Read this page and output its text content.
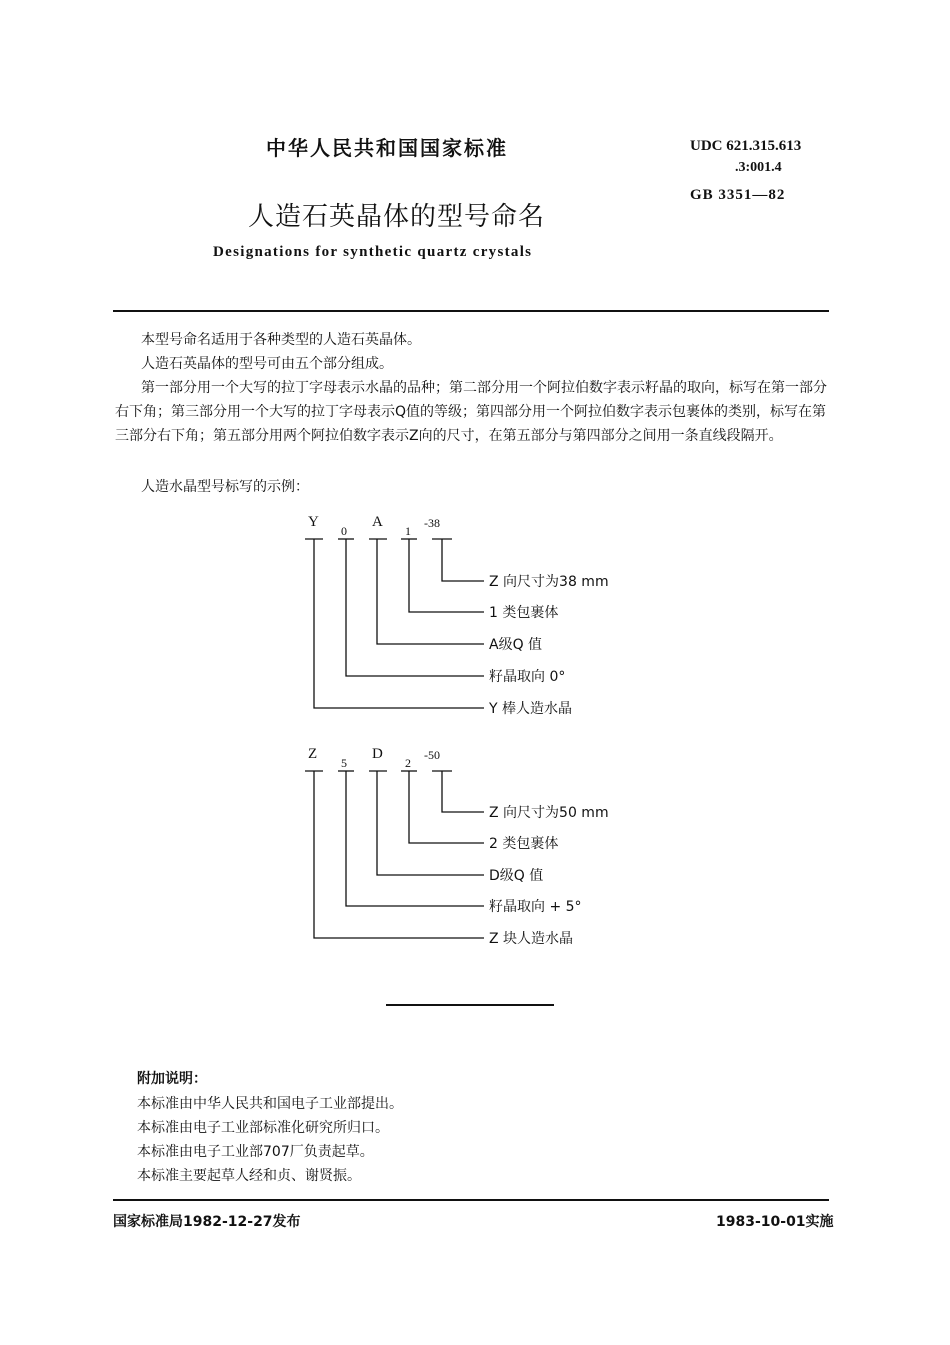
中华人民共和国国家标准	UDC 621.315.613
.3:001.4
GB 3351—82
人造石英晶体的型号命名
Designations for synthetic quartz crystals
本型号命名适用于各种类型的人造石英晶体。
人造石英晶体的型号可由五个部分组成。
第一部分用一个大写的拉丁字母表示水晶的品种；第二部分用一个阿拉伯数字表示籽晶的取向，标写在第一部分右下角；第三部分用一个大写的拉丁字母表示Q值的等级；第四部分用一个阿拉伯数字表示包裹体的类别，标写在第三部分右下角；第五部分用两个阿拉伯数字表示Z向的尺寸，在第五部分与第四部分之间用一条直线段隔开。
人造水晶型号标写的示例：
Y
0
A
1
-38
Z 向尺寸为38 mm
1 类包裹体
A级Q 值
籽晶取向 0°
Y 棒人造水晶
Z
5
D
2
-50
Z 向尺寸为50 mm
2 类包裹体
D级Q 值
籽晶取向 + 5°
Z 块人造水晶
附加说明：
本标准由中华人民共和国电子工业部提出。
本标准由电子工业部标准化研究所归口。
本标准由电子工业部707厂负责起草。
本标准主要起草人经和贞、谢贤振。
国家标准局1982-12-27发布	1983-10-01实施
